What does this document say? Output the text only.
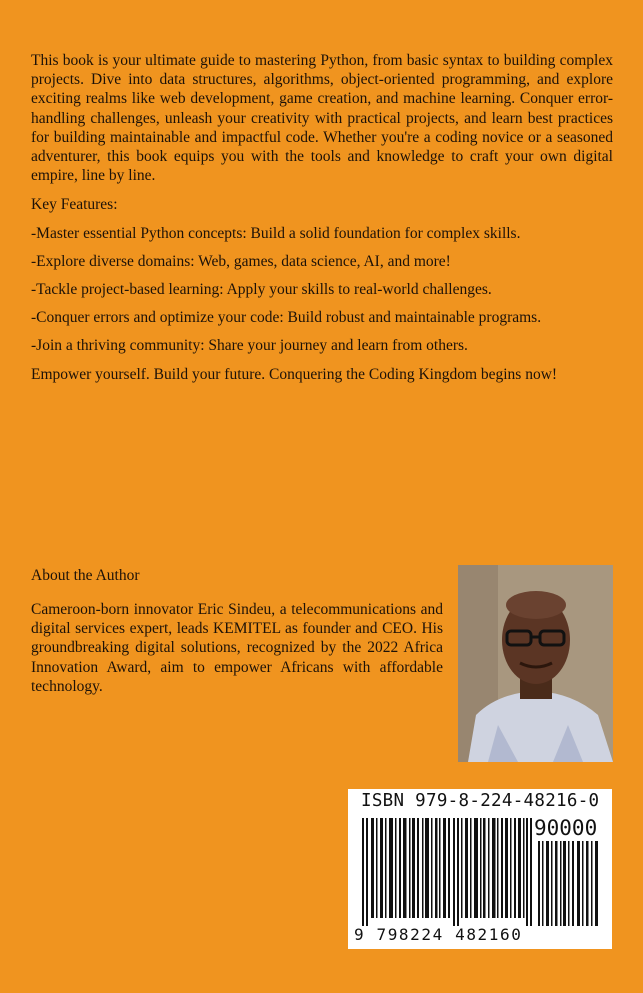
This book is your ultimate guide to mastering Python, from basic syntax to building complex projects. Dive into data structures, algorithms, object-oriented programming, and explore exciting realms like web development, game creation, and machine learning. Conquer error-handling challenges, unleash your creativity with practical projects, and learn best practices for building maintainable and impactful code. Whether you're a coding novice or a seasoned adventurer, this book equips you with the tools and knowledge to craft your own digital empire, line by line.

Key Features:

-Master essential Python concepts: Build a solid foundation for complex skills.

-Explore diverse domains: Web, games, data science, AI, and more!

-Tackle project-based learning: Apply your skills to real-world challenges.

-Conquer errors and optimize your code: Build robust and maintainable programs.

-Join a thriving community: Share your journey and learn from others.

Empower yourself. Build your future. Conquering the Coding Kingdom begins now!

About the Author

Cameroon-born innovator Eric Sindeu, a telecommunications and digital services expert, leads KEMITEL as founder and CEO. His groundbreaking digital solutions, recognized by the 2022 Africa Innovation Award, aim to empower Africans with affordable technology.

ISBN 979-8-224-48216-0
90000
9 798224 482160
